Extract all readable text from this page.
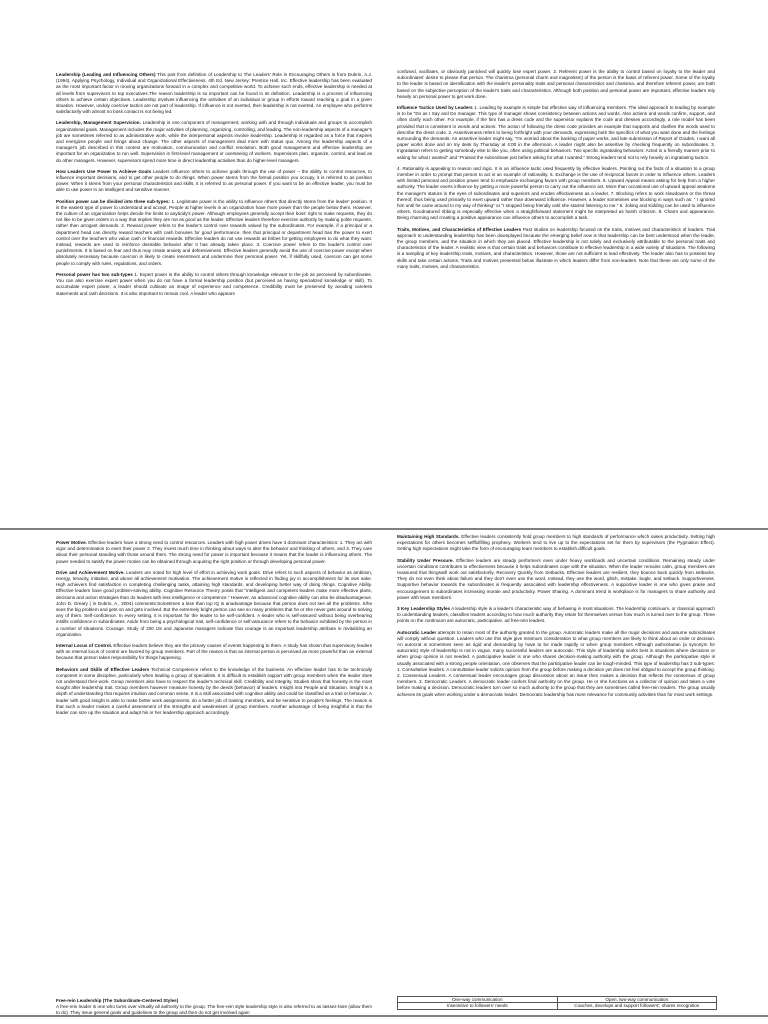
Leadership (Leading and Influencing Others) This part from definition of Leadership to The Leaders' Role in Encouraging Others is from Dubrin, A.J. (1994). Applying Psychology, Individual and Organizational Effectiveness. 4th Ed. New Jersey: Prentice Hall, Inc. Effective leadership has been evaluated as the most important factor in moving organizations forward in a complex and competitive world. To achieve such ends, effective leadership is needed at all levels from supervisors to top executives.The reason leadership is so important can be found in its definition. Leadership is a process of influencing others to achieve certain objectives. Leadership involves influencing the activities of an individual or group in efforts toward reaching a goal in a given situation. However, unduly coercive tactics are not part of leadership. If influence is not exerted, then leadership is not exerted. An employee who performs satisfactorily with almost no boss contact is not being led.

Leadership, Management Supervision. Leadership is one component of management, working with and through individuals and groups to accomplish organizational goals. Management includes the major activities of planning, organizing, controlling, and leading. The non-leadership aspects of a manager's job are sometimes referred to as administrative work, while the interpersonal aspects involve leadership. Leadership is regarded as a force that inspires and energizes people and brings about change. The other aspects of management deal more with status quo. Among the leadership aspects of a manager's job described in this context are motivation, communication and conflict resolution. Both good management and effective leadership are important for an organization to run well. Supervision is first-level management or overseeing of workers. Supervisors plan, organize, control, and lead as do other managers. However, supervisors spend more time in direct leadership activities than do higher-level managers.

How Leaders Use Power to Achieve Goals Leaders influence others to achieve goals through the use of power – the ability to control resources, to influence important decisions, and to get other people to do things. When power stems from the formal position you occupy, it is referred to as position power. When it stems from your personal characteristics and skills, it is referred to as personal power. If you want to be an effective leader, you must be able to use power in an intelligent and sensitive manner.

Position power can be divided into three sub-types: 1. Legitimate power is the ability to influence others that directly stems from the leader' position. It is the easiest type of power to understand and accept. People at higher levels in an organization have more power than the people below them. However, the culture of an organization helps decide the limits to anybody's power. Although employees generally accept their boss' right to make requests, they do not like to be given orders in a way that implies they are not as good as the leader. Effective leaders therefore exercise authority by making polite requests, rather than arrogant demands. 2. Reward power refers to the leader's control over rewards valued by the subordinates. For example, if a principal or a department head can directly reward teachers with cash bonuses for good performance, then that principal or department head has the power to exert control over the teachers who value cash or financial rewards. Effective leaders do not use rewards as bribes for getting employees to do what they want. Instead, rewards are used to reinforce desirable behavior after it has already taken place. 3. Coercive power refers to the leader's control over punishments. It is based on fear and thus may create anxiety and defensiveness. Effective leaders generally avoid the use of coercive power except when absolutely necessary because coercion is likely to create resentment and undermine their personal power. Yet, if skillfully used, coercion can get some people to comply with rules, regulations, and orders.

Personal power has two sub-types 1. Expert power is the ability to control others through knowledge relevant to the job as perceived by subordinates. You can also exercise expert power when you do not have a formal leadership position (but perceived as having specialized knowledge or skill). To accumulate expert power, a leader should cultivate an image of experience and competence. Credibility must be preserved by avoiding careless statements and rash decisions. It is also important to remain cool. A leader who appears

confused, vacillates, or obviously panicked will quickly lose expert power. 2. Referent power is the ability to control based on loyalty to the leader and subordinates' desire to please that person. The charisma (personal charm and magnetism) of the person is the basis of referent power. Some of the loyalty to the leader is based on identification with the leader's personality traits and personal characteristics and charisma, and therefore referent power, are both based on the subjective perception of the leader's traits and characteristics. Although both position and personal power are important, effective leaders rely heavily on personal power to get work done.

Influence Tactics Used by Leaders 1. Leading by example is simple but effective way of influencing members. The ideal approach to leading by example is to be "Do as I Say and Do manager. This type of manager shows consistency between actions and words. Also actions and words confirm, support, and often clarify each other. For example, if the firm has a dress code and the supervisor explains the code and dresses accordingly, a role model has been provided that is consistent in words and actions. The action of following the dress code provides an example that supports and clarifies the words used to describe the dress code. 2. Assertiveness refers to being forthright with your demands, expressing both the specifics of what you want done and the feelings surrounding the demands. An assertive leader might say, "I'm worried about the backlog of paper works, and late submission of Report of Grades, I want all paper works done and on my desk by Thursday at 4:00 in the afternoon. A leader might also be assertive by checking frequently on subordinates. 3. Ingratiation refers to getting somebody else to like you, often using political behaviors. Two specific ingratiating behaviors: Acted in a friendly manner prior to asking for what I wanted" and "Praised the subordinate just before asking for what I wanted." Strong leaders tend not to rely heavily on ingratiating tactics.

4. Rationality is appealing to reason and logic. It is an influence tactic used frequently by effective leaders. Pointing out the facts of a situation to a group member in order to prompt that person to act is an example of rationality. 5. Exchange is the use of reciprocal favors in order to influence others. Leaders with limited personal and position power tend to emphasize exchanging favors with group members. 6. Upward Appeal means asking for help from a higher authority. The leader exerts influence by getting a more powerful person to carry out the influence act. More than occasional use of upward appeal weakens the manager's stature in the eyes of subordinates and superiors and erodes effectiveness as a leader. 7. Blocking refers to work slowdowns or the threat thereof, thus being used primarily to exert upward rather than downward influence. However, a leader sometimes use blocking in ways such as: " I ignored him until he came around to my way of thinking" or "I stopped being friendly until she started listening to me." 8. Joking and Kidding can be used to influence others. Goodnatured ribbing is especially effective when a straightforward statement might be interpreted as harsh criticism. 9. Charm and appearance. Being charming and creating a positive appearance can influence others to accomplish a task.

Traits, Motives, and Characteristics of Effective Leaders Past studies on leadership focused on the traits, motives and characteristics of leaders. Trait approach to understanding leadership has been downplayed because the emerging belief now is that leadership can be best understood when the leader, the group members, and the situation in which they are placed. Effective leadership is not solely and exclusively attributable to the personal traits and characteristics of the leader. A realistic view is that certain traits and behaviors contribute to effective leadership in a wide variety of situations. The following is a sampling of key leadership traits, motives, and characteristics. However, those are not sufficient to lead effectively. The leader also has to possess key skills and take certain actions. Traits and motives presented below illustrate in which leaders differ from non-leaders. Note that these are only some of the many traits, motives, and characteristics.

Power Motive. Effective leaders have a strong need to control resources. Leaders with high power drives have 3 dominant characteristics: 1. They act with vigor and determination to exert their power 2. They invest much time in thinking about ways to alter the behavior and thinking of others, and 3. They care about their personal standing with those around them. The strong need for power is important because it means that the leader is influencing others. The power needed to satisfy the power motive can be obtained through acquiring the right position or through developing personal power.

Drive and Achievement Motive. Leaders are noted for high level of effort in achieving work goals. Drive refers to such aspects of behavior as ambition, energy, tenacity, initiative, and above all achievement motivation. The achievement motive is reflected in finding joy in accomplishment for its own sake. High achievers find satisfaction in completing challenging tasks, attaining high standards, and developing better way of doing things. Cognitive Ability. Effective leaders have good problem-solving ability. Cognitive Resource Theory posits that "intelligent and competent leaders make more effective plans, decisions and action strategies than do leaders with less intelligence or competence." However, an advanced cognitive ability can also be disadvantageous. John D. Greary ( in Dubrin, A., 2004) comments:Sometimes a less than top IQ is anadvantage because that person does not see all the problems. S/he sees the big problem and gets on and gets involved. But the extremely bright person can see so many problems that he or she never gets around to solving any of them. Self-confidence. In every setting, it is important for the leader to be self-confident. A leader who is self-assured without being overbearing instills confidence in subordinates. Aside from being a psychological trait, self-confidence or self-assurance refers to the behavior exhibited by the person in a number of situations. Courage. Study of 200 US and Japanese managers indicate that courage is an important leadership attribute in revitalizing an organization.

Internal Locus of Control. Effective leaders believe they are the primary causes of events happening to them. A study has shown that supervisory leaders with an internal locus of control are favored by group members. Part of the reason is that an internal person is perceived as more powerful than an external because that person takes responsibility for things happening.

Behaviors and Skills of Effective Leaders Technical Competence refers to the knowledge of the business. An effective leader has to be technically competent in some discipline, particularly when leading a group of specialists. It is difficult to establish rapport with group members when the leader does not understand their work. Group members also have to respect the leader's technical skill. Credibility and Integrity. Studies show that honesty is the most sought after leadership trait. Group members however measure honesty by the deeds (behavior) of leaders. Insight into People and Situation. Insight is a depth of understanding that requires intuition and common sense. It is a skill associated with cognitive ability and could be classified as a trait or behavior. A leader with good insight is able to make better work assignments, do a better job of training members, and be sensitive to people's feelings. The reason is that such a leader makes a careful assessment of the strengths and weaknesses of group members. Another advantage of being insightful is that the leader can size up the situation and adapt his or her leadership approach accordingly.

Maintaining High Standards. Effective leaders consistently hold group members to high standards of performance which raises productivity. Setting high expectations for others becomes selffulfilling prophecy. Workers tend to live up to the expectations set for them by supervisors (the Pygmalion Effect). Setting high expectations might take the form of encouraging team members to establish difficult goals.

Stability Under Pressure. Effective leaders are steady performers even under heavy workloads and uncertain conditions. Remaining steady under uncertain conditions contributes to effectiveness because it helps subordinates cope with the situation. When the leader remains calm, group members are reassured that thingswill work out satisfactorily. Recovery Quickly from Setbacks. Effective leaders are resilient, they bounce back quickly from setbacks. They do not even think about failure and they don't even use the word. Instead, they use the word, glitch, mistake, bugle, and setback. Supportiveness. Supportive behavior towards the subordinates is frequently associated with leadership effectiveness. A supportive leader is one who gives praise and encouragement to subordinates increasing morale and productivity. Power Sharing. A dominant trend in workplace is for managers to share authority and power with team members.

3 Key Leadership Styles A leadership style is a leader's characteristic way of behaving in most situations. The leadership continuum, or classical approach to understanding leaders, classifies leaders according to how much authority they retain for themselves versus how much is turned over to the group. Three points on the continuum are autocratic, participative, ad free-rein leaders.

Autocratic Leader attempts to retain most of the authority granted to the group. Autocratic leaders make all the major decisions and assume subordinates will comply without question. Leaders who use this style give minimum consideration to what group members are likely to think about an order or decision. An autocrat is sometimes seen as rigid and demanding by have to be made rapidly or when group members Although authoritarian (a synonym for autocratic) style of leadership is not in vogue, many successful leaders are autocratic. This style of leadership works best in situations where decisions or when group opinion is not needed. A participative leader is one who shares decision-making authority with the group. Although the participative style is usually associated with a strong people orientation, one observes that the participative leader can be tough-minded. This type of leadership has 3 sub-types: 1. Consultative leaders. A consultative leader solicits opinion from the group before making a decision yet does not feel obliged to accept the group thinking. 2. Consensual Leaders. A consensual leader encourages group discussion about an issue then makes a decision that reflects the consensus of group members. 3. Democratic Leaders. A democratic leader confers final authority on the group. He or she functions as a collector of opinion and takes a vote before making a decision. Democratic leaders turn over so much authority to the group that they are sometimes called free-rein leaders. The group usually achieves its goals when working under a democratic leader. Democratic leadership has more relevance for community activities than for most work settings.

Free-rein Leadership (The Subordinate-Centered Styles)
A free-rein leader is one who turns over virtually all authority to the group. The free-rein style leadership style is also referred to as laissez-faire (allow them to do). They issue general goals and guidelines to the group and then do not get involved again

One-way communication	Open, two-way communication
Insensitive to followers' needs	Coaches, develops and support followers'; shares recognition
